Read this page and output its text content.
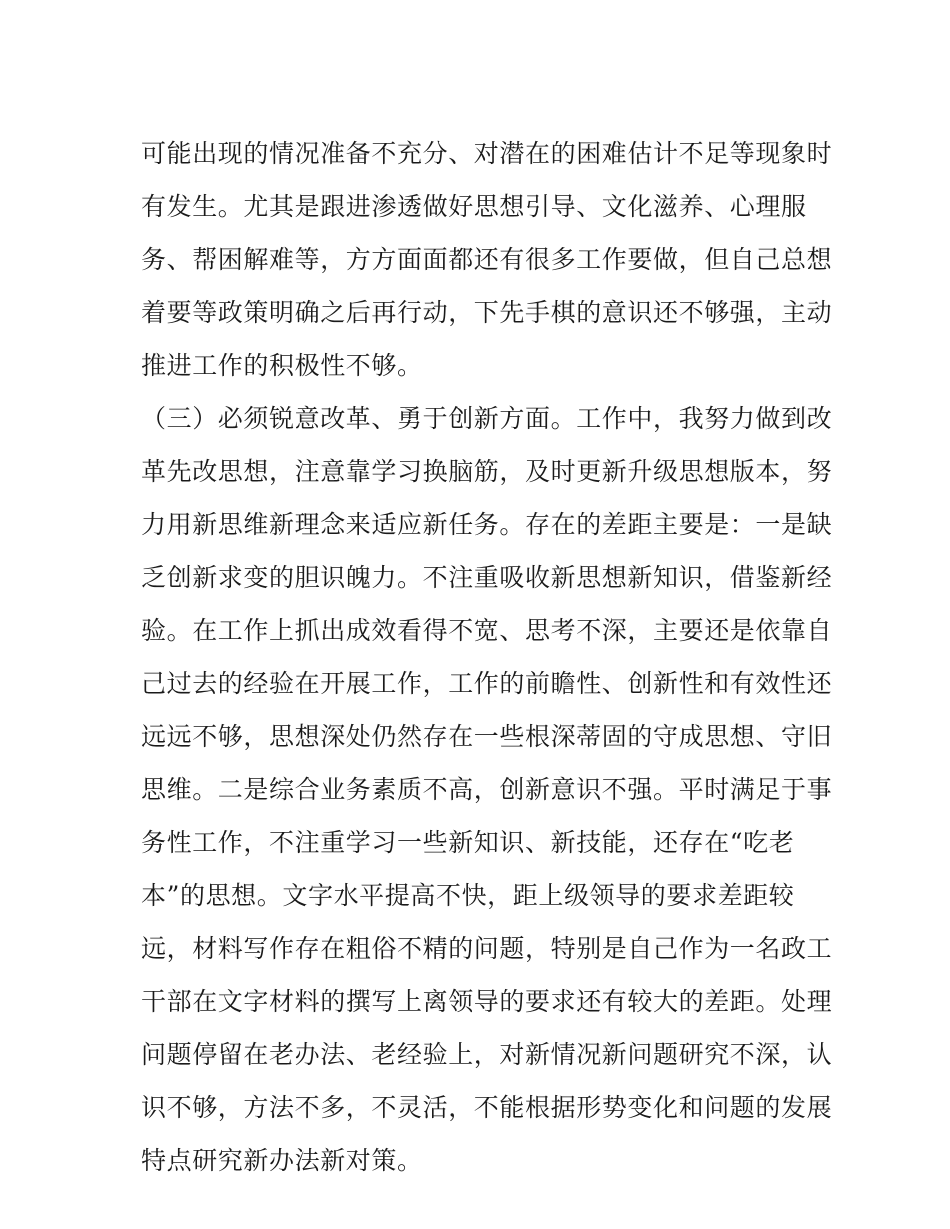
可能出现的情况准备不充分、对潜在的困难估计不足等现象时
有发生。尤其是跟进渗透做好思想引导、文化滋养、心理服
务、帮困解难等，方方面面都还有很多工作要做，但自己总想
着要等政策明确之后再行动，下先手棋的意识还不够强，主动
推进工作的积极性不够。
（三）必须锐意改革、勇于创新方面。工作中，我努力做到改
革先改思想，注意靠学习换脑筋，及时更新升级思想版本，努
力用新思维新理念来适应新任务。存在的差距主要是：一是缺
乏创新求变的胆识魄力。不注重吸收新思想新知识，借鉴新经
验。在工作上抓出成效看得不宽、思考不深，主要还是依靠自
己过去的经验在开展工作，工作的前瞻性、创新性和有效性还
远远不够，思想深处仍然存在一些根深蒂固的守成思想、守旧
思维。二是综合业务素质不高，创新意识不强。平时满足于事
务性工作，不注重学习一些新知识、新技能，还存在“吃老
本”的思想。文字水平提高不快，距上级领导的要求差距较
远，材料写作存在粗俗不精的问题，特别是自己作为一名政工
干部在文字材料的撰写上离领导的要求还有较大的差距。处理
问题停留在老办法、老经验上，对新情况新问题研究不深，认
识不够，方法不多，不灵活，不能根据形势变化和问题的发展
特点研究新办法新对策。
